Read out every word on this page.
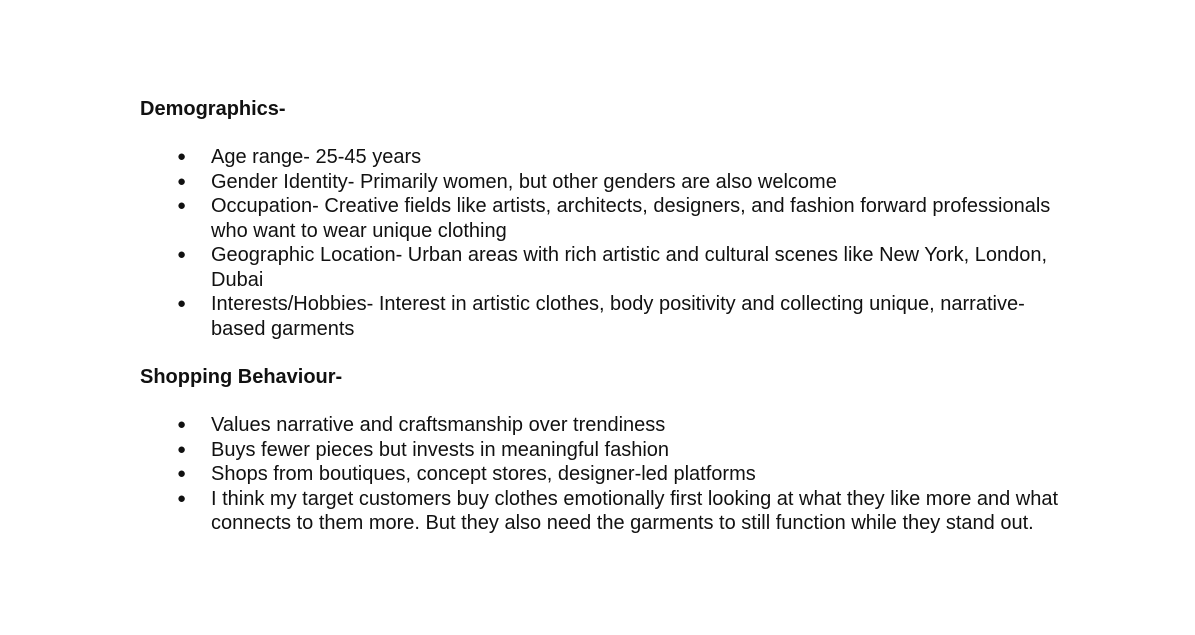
Demographics-

● Age range- 25-45 years
● Gender Identity- Primarily women, but other genders are also welcome
● Occupation- Creative fields like artists, architects, designers, and fashion forward professionals who want to wear unique clothing
● Geographic Location- Urban areas with rich artistic and cultural scenes like New York, London, Dubai
● Interests/Hobbies- Interest in artistic clothes, body positivity and collecting unique, narrative-based garments

Shopping Behaviour-

● Values narrative and craftsmanship over trendiness
● Buys fewer pieces but invests in meaningful fashion
● Shops from boutiques, concept stores, designer-led platforms
● I think my target customers buy clothes emotionally first looking at what they like more and what connects to them more. But they also need the garments to still function while they stand out.
